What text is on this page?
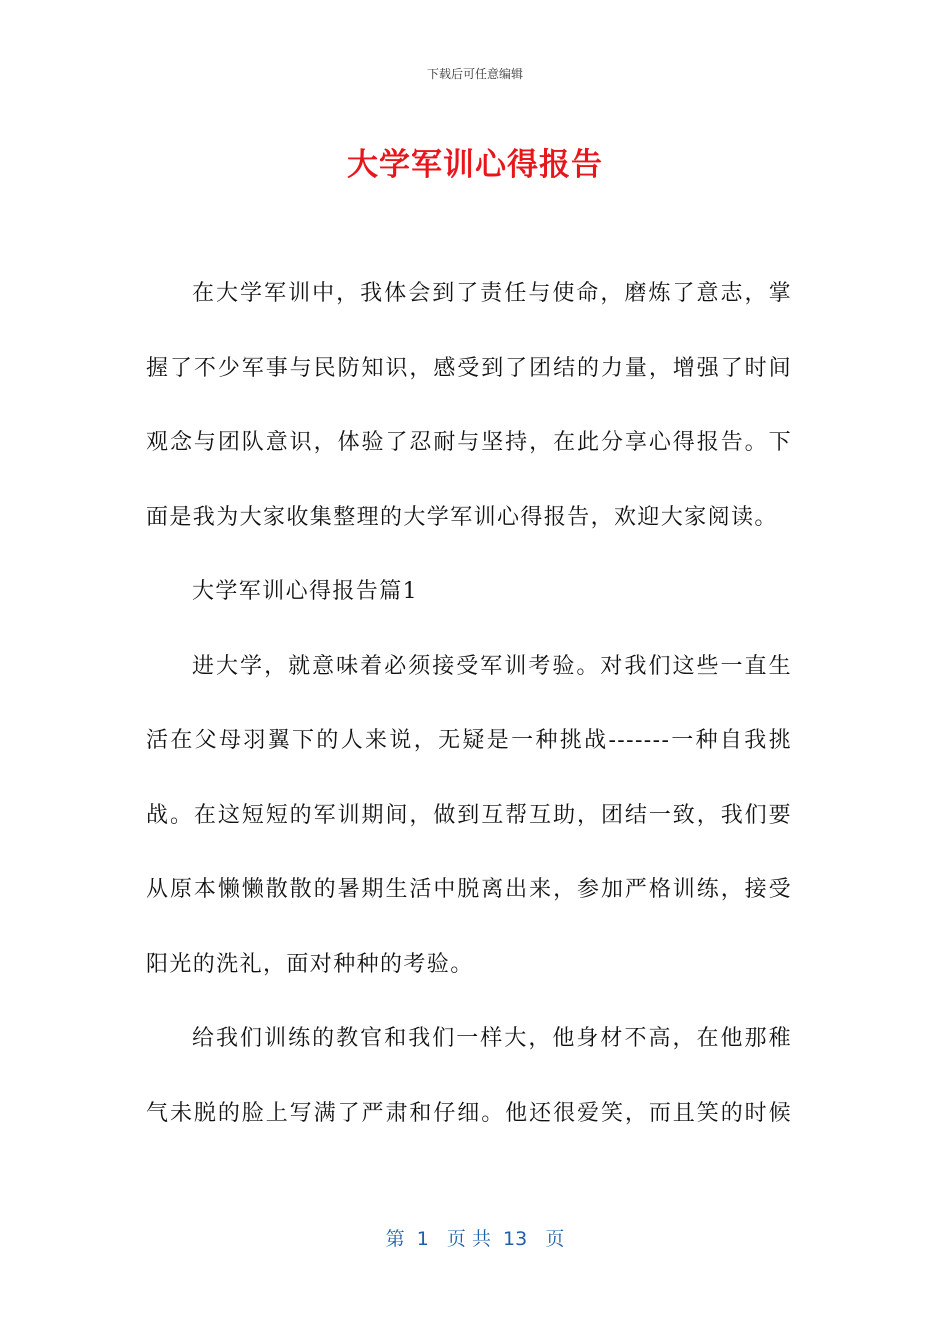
下载后可任意编辑
大学军训心得报告

在大学军训中，我体会到了责任与使命，磨炼了意志，掌握了不少军事与民防知识，感受到了团结的力量，增强了时间观念与团队意识，体验了忍耐与坚持，在此分享心得报告。下面是我为大家收集整理的大学军训心得报告，欢迎大家阅读。

大学军训心得报告篇1

进大学，就意味着必须接受军训考验。对我们这些一直生活在父母羽翼下的人来说，无疑是一种挑战-------一种自我挑战。在这短短的军训期间，做到互帮互助，团结一致，我们要从原本懒懒散散的暑期生活中脱离出来，参加严格训练，接受阳光的洗礼，面对种种的考验。

给我们训练的教官和我们一样大，他身材不高，在他那稚气未脱的脸上写满了严肃和仔细。他还很爱笑，而且笑的时候

第  1   页 共  13   页
